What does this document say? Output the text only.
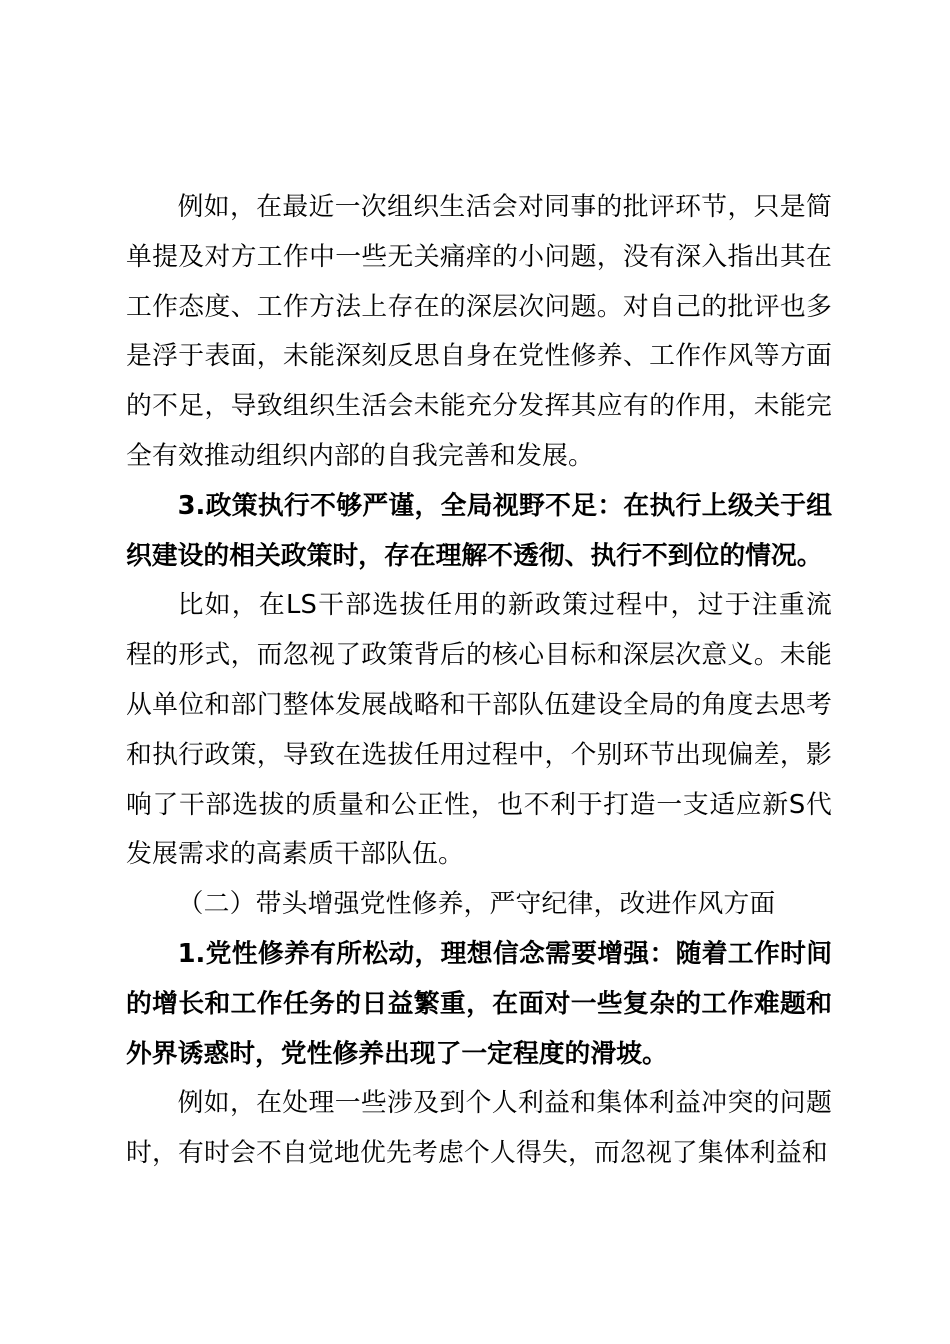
例如，在最近一次组织生活会对同事的批评环节，只是简单提及对方工作中一些无关痛痒的小问题，没有深入指出其在工作态度、工作方法上存在的深层次问题。对自己的批评也多是浮于表面，未能深刻反思自身在党性修养、工作作风等方面的不足，导致组织生活会未能充分发挥其应有的作用，未能完全有效推动组织内部的自我完善和发展。

3.政策执行不够严谨，全局视野不足：在执行上级关于组织建设的相关政策时，存在理解不透彻、执行不到位的情况。

比如，在LS干部选拔任用的新政策过程中，过于注重流程的形式，而忽视了政策背后的核心目标和深层次意义。未能从单位和部门整体发展战略和干部队伍建设全局的角度去思考和执行政策，导致在选拔任用过程中，个别环节出现偏差，影响了干部选拔的质量和公正性，也不利于打造一支适应新S代发展需求的高素质干部队伍。

（二）带头增强党性修养，严守纪律，改进作风方面

1.党性修养有所松动，理想信念需要增强：随着工作时间的增长和工作任务的日益繁重，在面对一些复杂的工作难题和外界诱惑时，党性修养出现了一定程度的滑坡。

例如，在处理一些涉及到个人利益和集体利益冲突的问题时，有时会不自觉地优先考虑个人得失，而忽视了集体利益和
